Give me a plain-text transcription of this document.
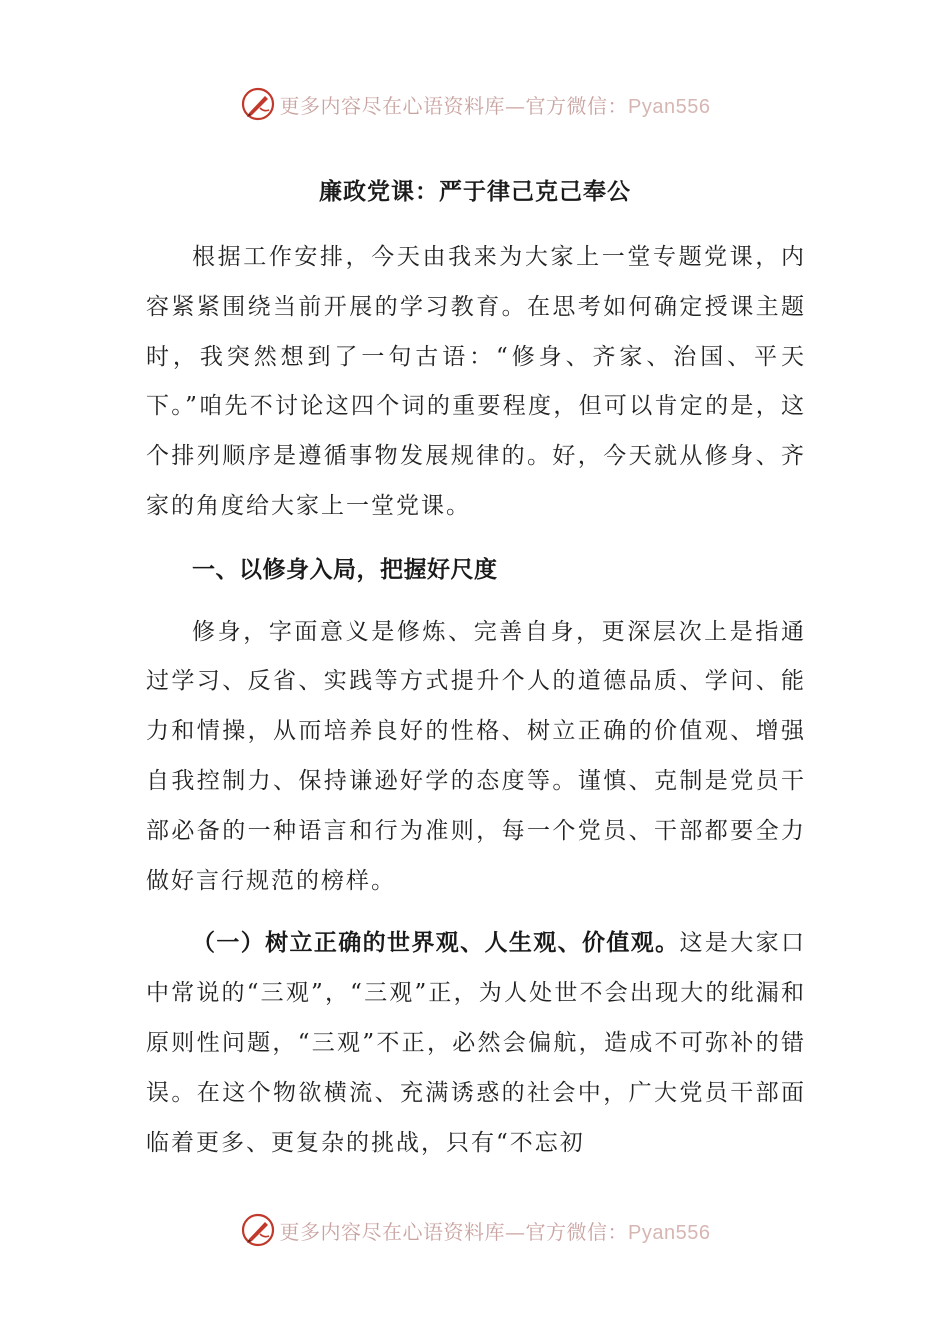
更多内容尽在心语资料库—官方微信：Pyan556
廉政党课：严于律己克己奉公

根据工作安排，今天由我来为大家上一堂专题党课，内容紧紧围绕当前开展的学习教育。在思考如何确定授课主题时，我突然想到了一句古语：“修身、齐家、治国、平天下。”咱先不讨论这四个词的重要程度，但可以肯定的是，这个排列顺序是遵循事物发展规律的。好，今天就从修身、齐家的角度给大家上一堂党课。

一、以修身入局，把握好尺度

修身，字面意义是修炼、完善自身，更深层次上是指通过学习、反省、实践等方式提升个人的道德品质、学问、能力和情操，从而培养良好的性格、树立正确的价值观、增强自我控制力、保持谦逊好学的态度等。谨慎、克制是党员干部必备的一种语言和行为准则，每一个党员、干部都要全力做好言行规范的榜样。

（一）树立正确的世界观、人生观、价值观。这是大家口中常说的“三观”，“三观”正，为人处世不会出现大的纰漏和原则性问题，“三观”不正，必然会偏航，造成不可弥补的错误。在这个物欲横流、充满诱惑的社会中，广大党员干部面临着更多、更复杂的挑战，只有“不忘初

更多内容尽在心语资料库—官方微信：Pyan556
